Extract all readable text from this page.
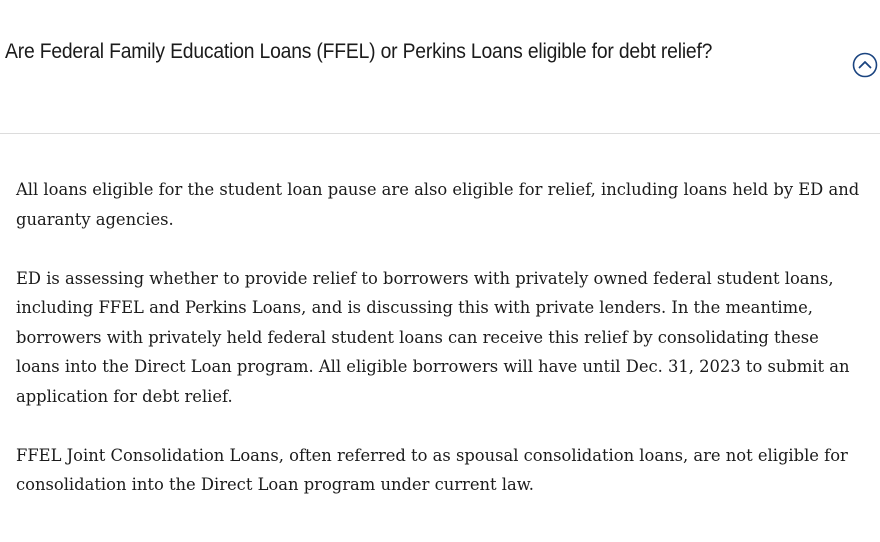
Are Federal Family Education Loans (FFEL) or Perkins Loans eligible for debt relief?

All loans eligible for the student loan pause are also eligible for relief, including loans held by ED and guaranty agencies.

ED is assessing whether to provide relief to borrowers with privately owned federal student loans, including FFEL and Perkins Loans, and is discussing this with private lenders. In the meantime, borrowers with privately held federal student loans can receive this relief by consolidating these loans into the Direct Loan program. All eligible borrowers will have until Dec. 31, 2023 to submit an application for debt relief.

FFEL Joint Consolidation Loans, often referred to as spousal consolidation loans, are not eligible for consolidation into the Direct Loan program under current law.
